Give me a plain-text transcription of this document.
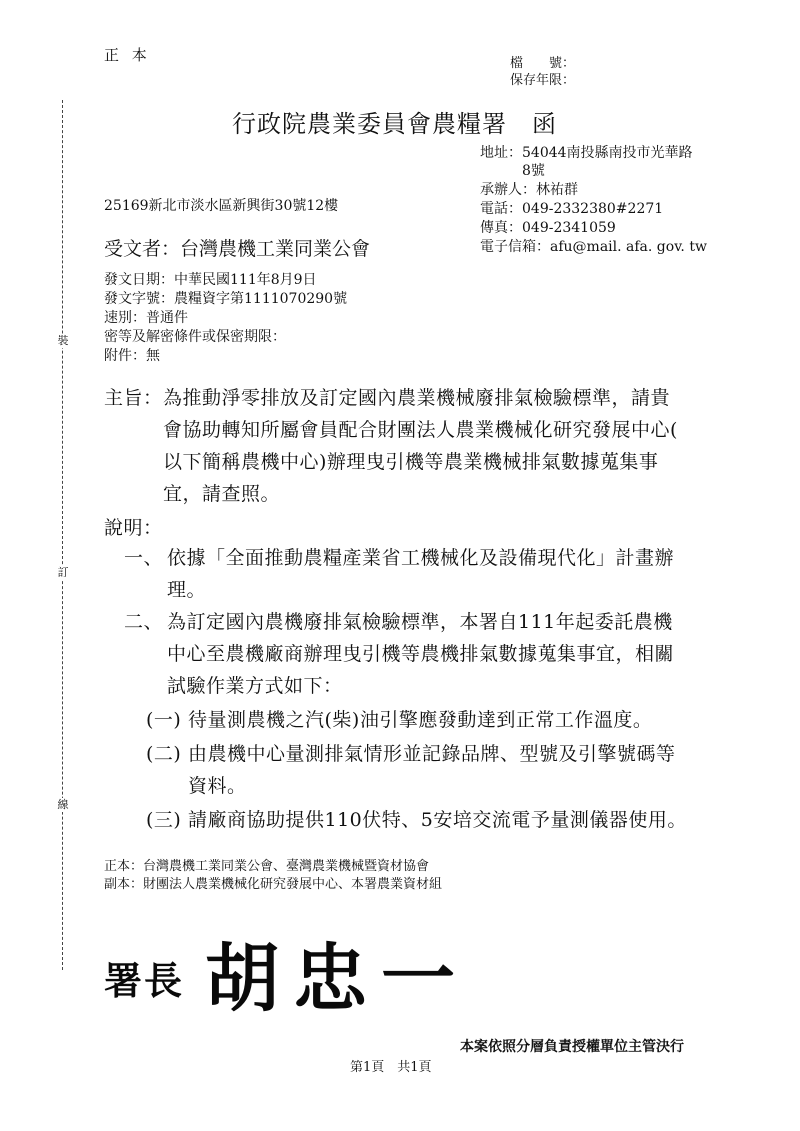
裝
訂
線
正 本	檔　　號：
保存年限：
行政院農業委員會農糧署　函
地址：54044南投縣南投市光華路
8號
承辦人：林祐群
電話：049-2332380#2271
傳真：049-2341059
電子信箱：afu@mail. afa. gov. tw
25169新北市淡水區新興街30號12樓
受文者：台灣農機工業同業公會
發文日期：中華民國111年8月9日
發文字號：農糧資字第1111070290號
速別：普通件
密等及解密條件或保密期限：
附件：無
主旨： 為推動淨零排放及訂定國內農業機械廢排氣檢驗標準，請貴
會協助轉知所屬會員配合財團法人農業機械化研究發展中心(
以下簡稱農機中心)辦理曳引機等農業機械排氣數據蒐集事
宜，請查照。
說明：
一、 依據「全面推動農糧產業省工機械化及設備現代化」計畫辦
理。
二、 為訂定國內農機廢排氣檢驗標準，本署自111年起委託農機
中心至農機廠商辦理曳引機等農機排氣數據蒐集事宜，相關
試驗作業方式如下：
(一) 待量測農機之汽(柴)油引擎應發動達到正常工作溫度。
(二) 由農機中心量測排氣情形並記錄品牌、型號及引擎號碼等
資料。
(三) 請廠商協助提供110伏特、5安培交流電予量測儀器使用。
正本：台灣農機工業同業公會、臺灣農業機械暨資材協會
副本：財團法人農業機械化研究發展中心、本署農業資材組
署長 胡忠一
本案依照分層負責授權單位主管決行
第1頁　共1頁
